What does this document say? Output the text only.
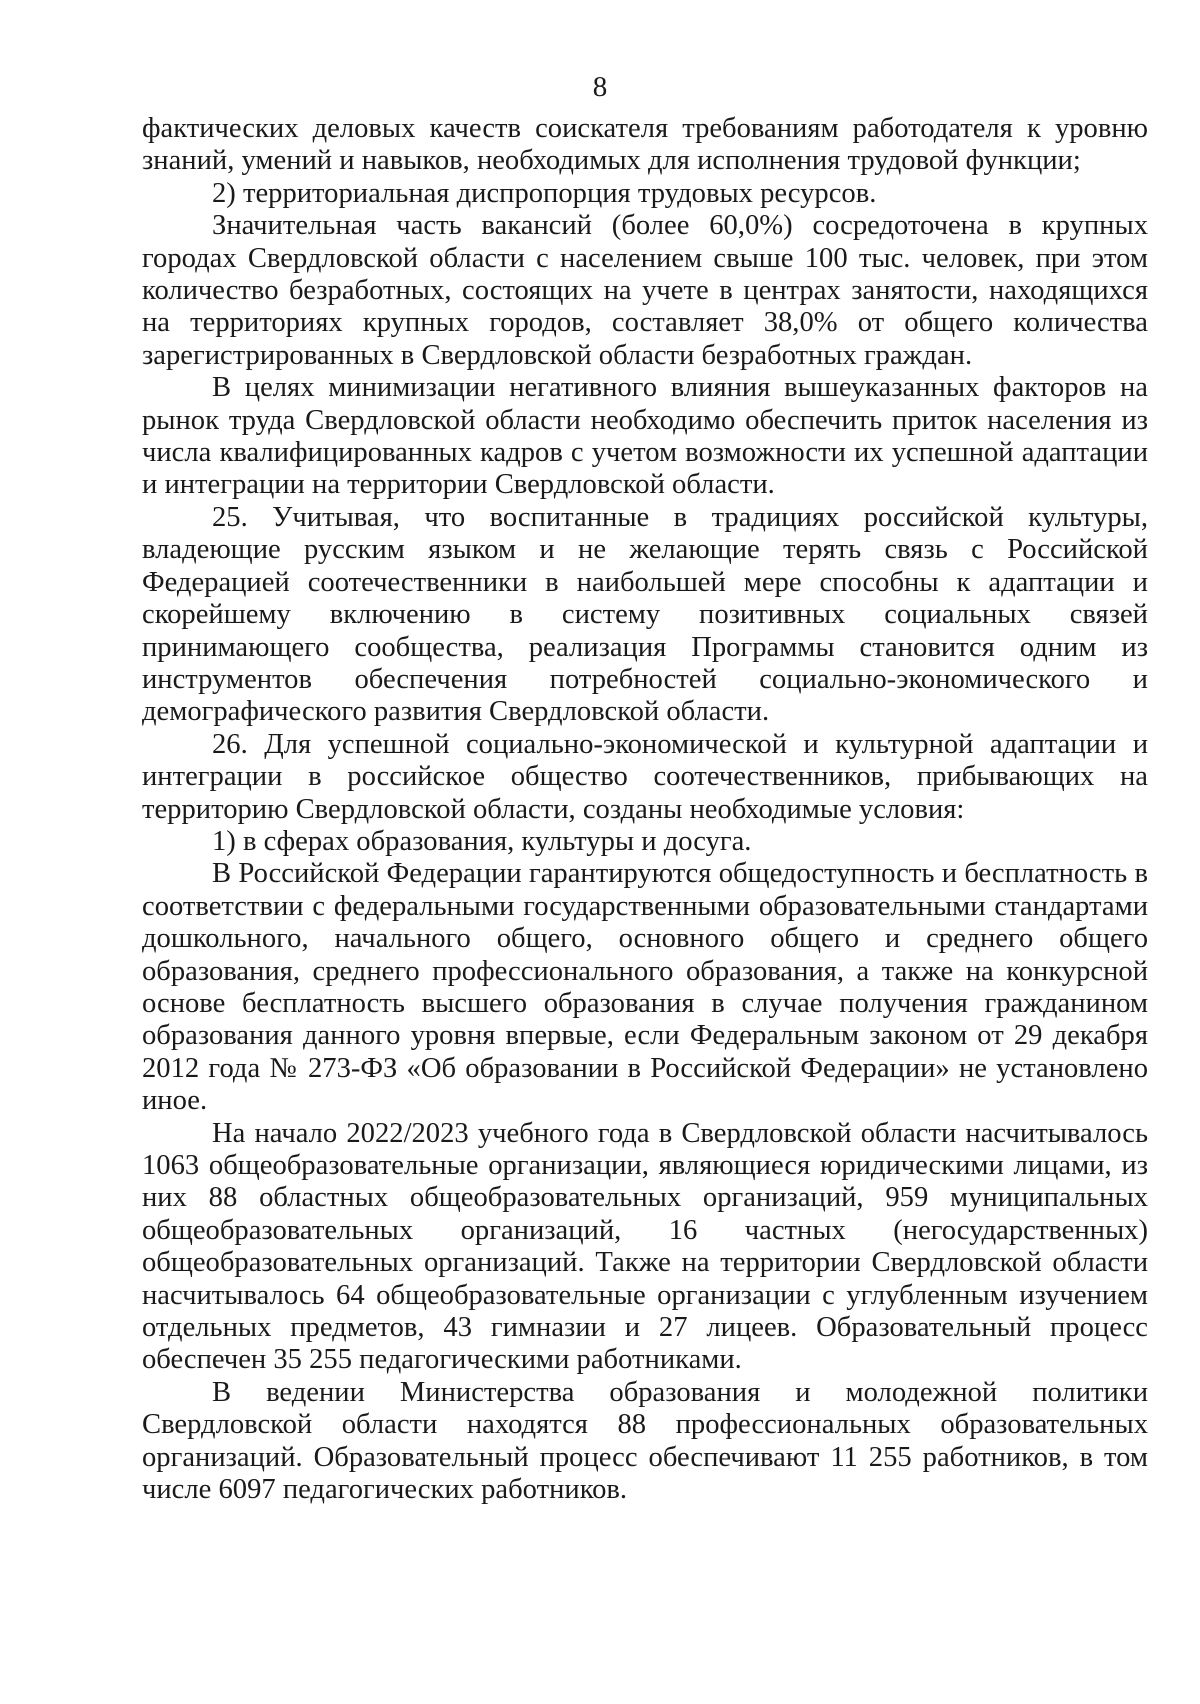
8

фактических деловых качеств соискателя требованиям работодателя к уровню знаний, умений и навыков, необходимых для исполнения трудовой функции;

2) территориальная диспропорция трудовых ресурсов.

Значительная часть вакансий (более 60,0%) сосредоточена в крупных городах Свердловской области с населением свыше 100 тыс. человек, при этом количество безработных, состоящих на учете в центрах занятости, находящихся на территориях крупных городов, составляет 38,0% от общего количества зарегистрированных в Свердловской области безработных граждан.

В целях минимизации негативного влияния вышеуказанных факторов на рынок труда Свердловской области необходимо обеспечить приток населения из числа квалифицированных кадров с учетом возможности их успешной адаптации и интеграции на территории Свердловской области.

25. Учитывая, что воспитанные в традициях российской культуры, владеющие русским языком и не желающие терять связь с Российской Федерацией соотечественники в наибольшей мере способны к адаптации и скорейшему включению в систему позитивных социальных связей принимающего сообщества, реализация Программы становится одним из инструментов обеспечения потребностей социально-экономического и демографического развития Свердловской области.

26. Для успешной социально-экономической и культурной адаптации и интеграции в российское общество соотечественников, прибывающих на территорию Свердловской области, созданы необходимые условия:

1) в сферах образования, культуры и досуга.

В Российской Федерации гарантируются общедоступность и бесплатность в соответствии с федеральными государственными образовательными стандартами дошкольного, начального общего, основного общего и среднего общего образования, среднего профессионального образования, а также на конкурсной основе бесплатность высшего образования в случае получения гражданином образования данного уровня впервые, если Федеральным законом от 29 декабря 2012 года № 273-ФЗ «Об образовании в Российской Федерации» не установлено иное.

На начало 2022/2023 учебного года в Свердловской области насчитывалось 1063 общеобразовательные организации, являющиеся юридическими лицами, из них 88 областных общеобразовательных организаций, 959 муниципальных общеобразовательных организаций, 16 частных (негосударственных) общеобразовательных организаций. Также на территории Свердловской области насчитывалось 64 общеобразовательные организации с углубленным изучением отдельных предметов, 43 гимназии и 27 лицеев. Образовательный процесс обеспечен 35 255 педагогическими работниками.

В ведении Министерства образования и молодежной политики Свердловской области находятся 88 профессиональных образовательных организаций. Образовательный процесс обеспечивают 11 255 работников, в том числе 6097 педагогических работников.
